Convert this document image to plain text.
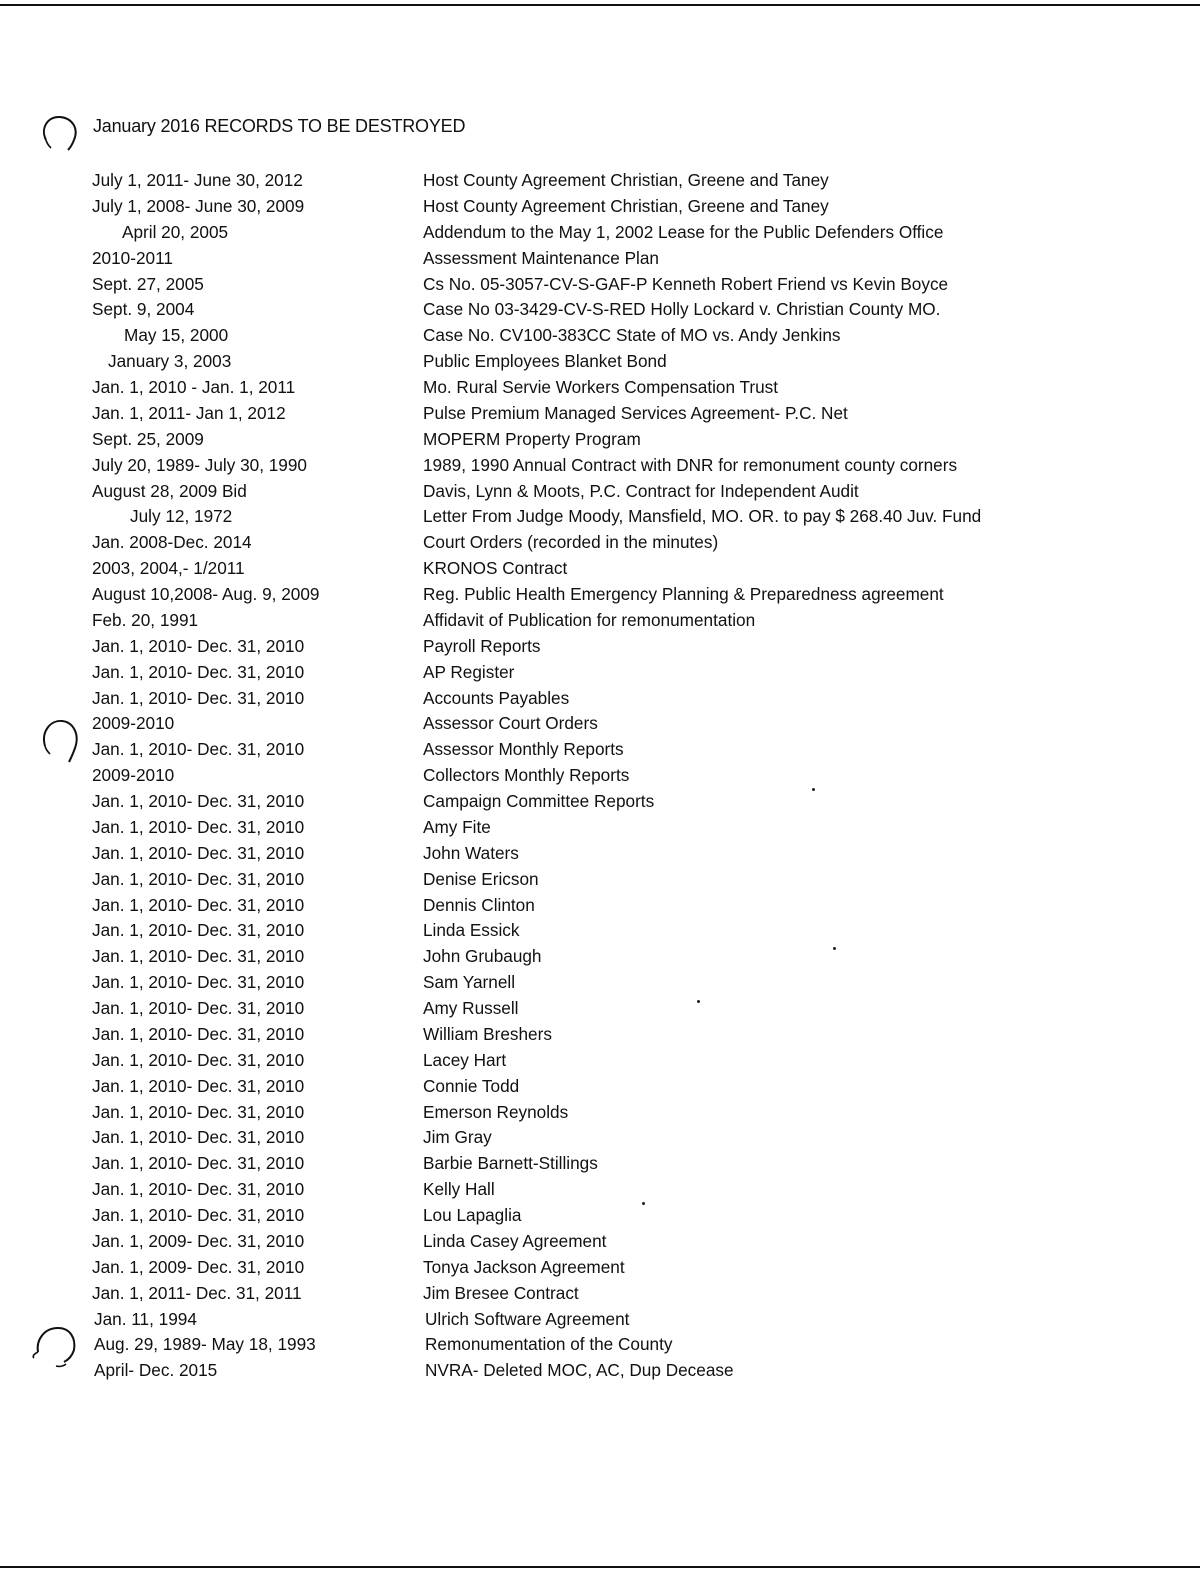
January 2016 RECORDS TO BE DESTROYED
July 1, 2011- June 30, 2012	Host County Agreement Christian, Greene and Taney
July 1, 2008- June 30, 2009	Host County Agreement Christian, Greene and Taney
April 20, 2005	Addendum to the May 1, 2002 Lease for the Public Defenders Office
2010-2011	Assessment Maintenance Plan
Sept. 27, 2005	Cs No. 05-3057-CV-S-GAF-P Kenneth Robert Friend vs Kevin Boyce
Sept. 9, 2004	Case No 03-3429-CV-S-RED Holly Lockard v. Christian County MO.
May 15, 2000	Case No. CV100-383CC State of MO vs. Andy Jenkins
January 3, 2003	Public Employees Blanket Bond
Jan. 1, 2010 - Jan. 1, 2011	Mo. Rural Servie Workers Compensation Trust
Jan. 1, 2011- Jan 1, 2012	Pulse Premium Managed Services Agreement- P.C. Net
Sept. 25, 2009	MOPERM Property Program
July 20, 1989- July 30, 1990	1989, 1990 Annual Contract with DNR for remonument county corners
August 28, 2009 Bid	Davis, Lynn & Moots, P.C. Contract for Independent Audit
July 12, 1972	Letter From Judge Moody, Mansfield, MO. OR. to pay $ 268.40 Juv. Fund
Jan. 2008-Dec. 2014	Court Orders (recorded in the minutes)
2003, 2004,- 1/2011	KRONOS Contract
August 10,2008- Aug. 9, 2009	Reg. Public Health Emergency Planning & Preparedness agreement
Feb. 20, 1991	Affidavit of Publication for remonumentation
Jan. 1, 2010- Dec. 31, 2010	Payroll Reports
Jan. 1, 2010- Dec. 31, 2010	AP Register
Jan. 1, 2010- Dec. 31, 2010	Accounts Payables
2009-2010	Assessor Court Orders
Jan. 1, 2010- Dec. 31, 2010	Assessor Monthly Reports
2009-2010	Collectors Monthly Reports
Jan. 1, 2010- Dec. 31, 2010	Campaign Committee Reports
Jan. 1, 2010- Dec. 31, 2010	Amy Fite
Jan. 1, 2010- Dec. 31, 2010	John Waters
Jan. 1, 2010- Dec. 31, 2010	Denise Ericson
Jan. 1, 2010- Dec. 31, 2010	Dennis Clinton
Jan. 1, 2010- Dec. 31, 2010	Linda Essick
Jan. 1, 2010- Dec. 31, 2010	John Grubaugh
Jan. 1, 2010- Dec. 31, 2010	Sam Yarnell
Jan. 1, 2010- Dec. 31, 2010	Amy Russell
Jan. 1, 2010- Dec. 31, 2010	William Breshers
Jan. 1, 2010- Dec. 31, 2010	Lacey Hart
Jan. 1, 2010- Dec. 31, 2010	Connie Todd
Jan. 1, 2010- Dec. 31, 2010	Emerson Reynolds
Jan. 1, 2010- Dec. 31, 2010	Jim Gray
Jan. 1, 2010- Dec. 31, 2010	Barbie Barnett-Stillings
Jan. 1, 2010- Dec. 31, 2010	Kelly Hall
Jan. 1, 2010- Dec. 31, 2010	Lou Lapaglia
Jan. 1, 2009- Dec. 31, 2010	Linda Casey Agreement
Jan. 1, 2009- Dec. 31, 2010	Tonya Jackson Agreement
Jan. 1, 2011- Dec. 31, 2011	Jim Bresee Contract
Jan. 11, 1994	Ulrich Software Agreement
Aug. 29, 1989- May 18, 1993	Remonumentation of the County
April- Dec. 2015	NVRA- Deleted MOC, AC, Dup Decease
